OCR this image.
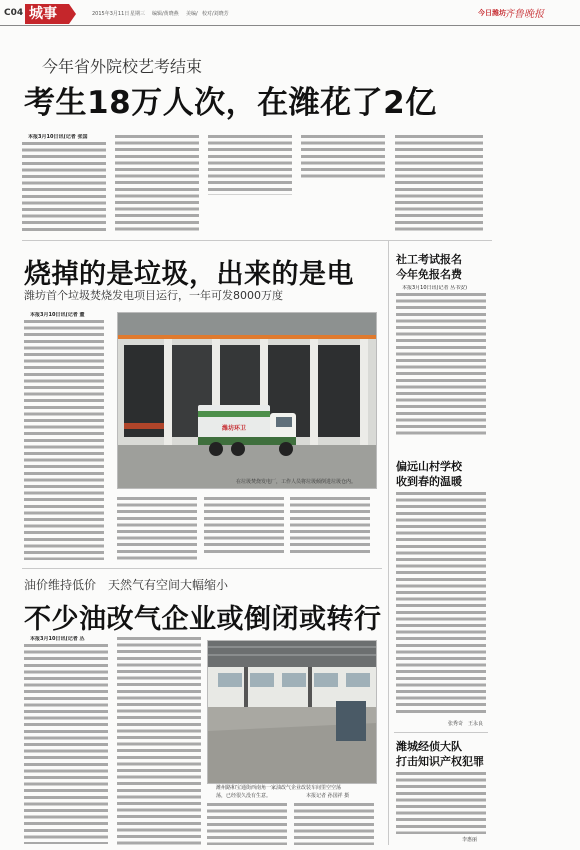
C04 城事	2015年3月11日 星期三 编辑/黄晓燕 美编/ 校对/刘晓芳	今日潍坊
齐鲁晚报
今年省外院校艺考结束
考生18万人次，在潍花了2亿
本报3月10日讯(记者 张国
烧掉的是垃圾，出来的是电
潍坊首个垃圾焚烧发电项目运行，一年可发8000万度
本报3月10日讯(记者 董
潍坊环卫
在垃圾焚烧发电厂，工作人员将垃圾倾倒进垃圾仓内。
油价维持低价　天然气有空间大幅缩小
不少油改气企业或倒闭或转行
本报3月10日讯(记者 丛
潍州路和宝通街西南角一家油改气企业改装车间里空空荡
荡，已经很久没有生意。	本报记者 孙国祥 摄
社工考试报名
今年免报名费
本报3月10日讯(记者 丛书安)
偏远山村学校
收到春的温暖
张秀奇　王永良
潍城经侦大队
打击知识产权犯罪
李惠丽
